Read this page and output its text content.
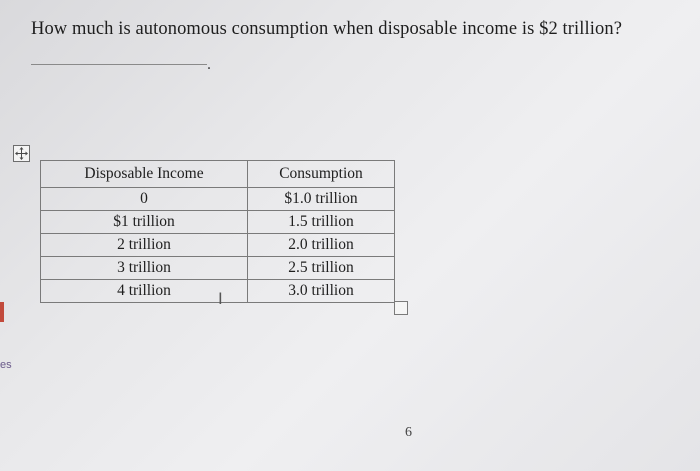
How much is autonomous consumption when disposable income is $2 trillion?
.
es
Disposable Income	Consumption

0	$1.0 trillion

$1 trillion	1.5 trillion

2 trillion	2.0 trillion

3 trillion	2.5 trillion

4 trillion	3.0 trillion
I
6
